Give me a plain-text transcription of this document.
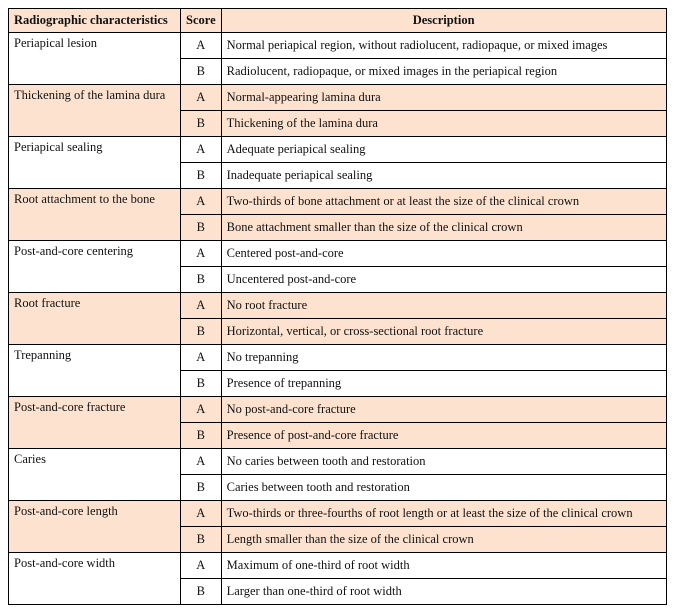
Radiographic characteristics	Score	Description
Periapical lesion	A	Normal periapical region, without radiolucent, radiopaque, or mixed images
	B	Radiolucent, radiopaque, or mixed images in the periapical region
Thickening of the lamina dura	A	Normal-appearing lamina dura
	B	Thickening of the lamina dura
Periapical sealing	A	Adequate periapical sealing
	B	Inadequate periapical sealing
Root attachment to the bone	A	Two-thirds of bone attachment or at least the size of the clinical crown
	B	Bone attachment smaller than the size of the clinical crown
Post-and-core centering	A	Centered post-and-core
	B	Uncentered post-and-core
Root fracture	A	No root fracture
	B	Horizontal, vertical, or cross-sectional root fracture
Trepanning	A	No trepanning
	B	Presence of trepanning
Post-and-core fracture	A	No post-and-core fracture
	B	Presence of post-and-core fracture
Caries	A	No caries between tooth and restoration
	B	Caries between tooth and restoration
Post-and-core length	A	Two-thirds or three-fourths of root length or at least the size of the clinical crown
	B	Length smaller than the size of the clinical crown
Post-and-core width	A	Maximum of one-third of root width
	B	Larger than one-third of root width
